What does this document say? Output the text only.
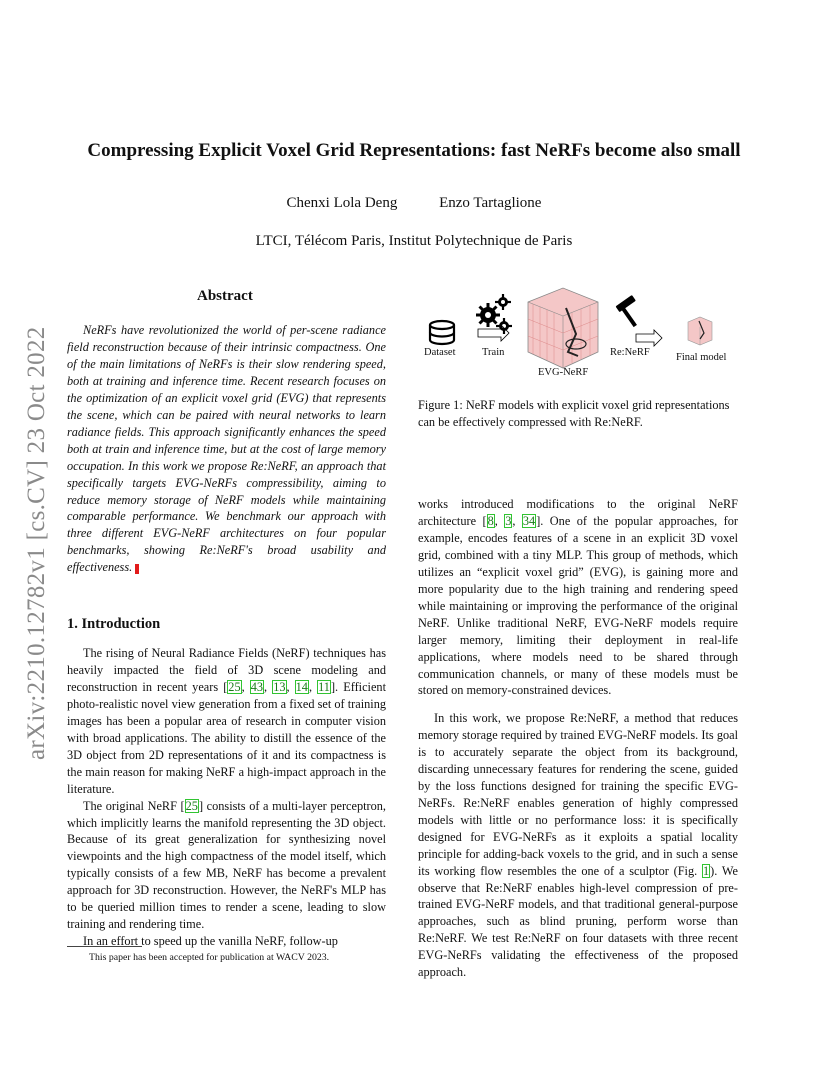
arXiv:2210.12782v1 [cs.CV] 23 Oct 2022
Compressing Explicit Voxel Grid Representations: fast NeRFs become also small
Chenxi Lola Deng	Enzo Tartaglione
LTCI, Télécom Paris, Institut Polytechnique de Paris
Abstract

NeRFs have revolutionized the world of per-scene radiance field reconstruction because of their intrinsic compactness. One of the main limitations of NeRFs is their slow rendering speed, both at training and inference time. Recent research focuses on the optimization of an explicit voxel grid (EVG) that represents the scene, which can be paired with neural networks to learn radiance fields. This approach significantly enhances the speed both at train and inference time, but at the cost of large memory occupation. In this work we propose Re:NeRF, an approach that specifically targets EVG-NeRFs compressibility, aiming to reduce memory storage of NeRF models while maintaining comparable performance. We benchmark our approach with three different EVG-NeRF architectures on four popular benchmarks, showing Re:NeRF's broad usability and effectiveness.

1. Introduction

The rising of Neural Radiance Fields (NeRF) techniques has heavily impacted the field of 3D scene modeling and reconstruction in recent years [25, 43, 13, 14, 11]. Efficient photo-realistic novel view generation from a fixed set of training images has been a popular area of research in computer vision with broad applications. The ability to distill the essence of the 3D object from 2D representations of it and its compactness is the main reason for making NeRF a high-impact approach in the literature.

The original NeRF [25] consists of a multi-layer perceptron, which implicitly learns the manifold representing the 3D object. Because of its great generalization for synthesizing novel viewpoints and the high compactness of the model itself, which typically consists of a few MB, NeRF has become a prevalent approach for 3D reconstruction. However, the NeRF's MLP has to be queried million times to render a scene, leading to slow training and rendering time.

In an effort to speed up the vanilla NeRF, follow-up

This paper has been accepted for publication at WACV 2023.
Dataset	Train
EVG-NeRF
Re:NeRF	Final model
Figure 1: NeRF models with explicit voxel grid representations can be effectively compressed with Re:NeRF.

works introduced modifications to the original NeRF architecture [8, 3, 34]. One of the popular approaches, for example, encodes features of a scene in an explicit 3D voxel grid, combined with a tiny MLP. This group of methods, which utilizes an “explicit voxel grid” (EVG), is gaining more and more popularity due to the high training and rendering speed while maintaining or improving the performance of the original NeRF. Unlike traditional NeRF, EVG-NeRF models require larger memory, limiting their deployment in real-life applications, where models need to be shared through communication channels, or many of these models must be stored on memory-constrained devices.

In this work, we propose Re:NeRF, a method that reduces memory storage required by trained EVG-NeRF models. Its goal is to accurately separate the object from its background, discarding unnecessary features for rendering the scene, guided by the loss functions designed for training the specific EVG-NeRFs. Re:NeRF enables generation of highly compressed models with little or no performance loss: it is specifically designed for EVG-NeRFs as it exploits a spatial locality principle for adding-back voxels to the grid, and in such a sense its working flow resembles the one of a sculptor (Fig. 1). We observe that Re:NeRF enables high-level compression of pre-trained EVG-NeRF models, and that traditional general-purpose approaches, such as blind pruning, perform worse than Re:NeRF. We test Re:NeRF on four datasets with three recent EVG-NeRFs validating the effectiveness of the proposed approach.
